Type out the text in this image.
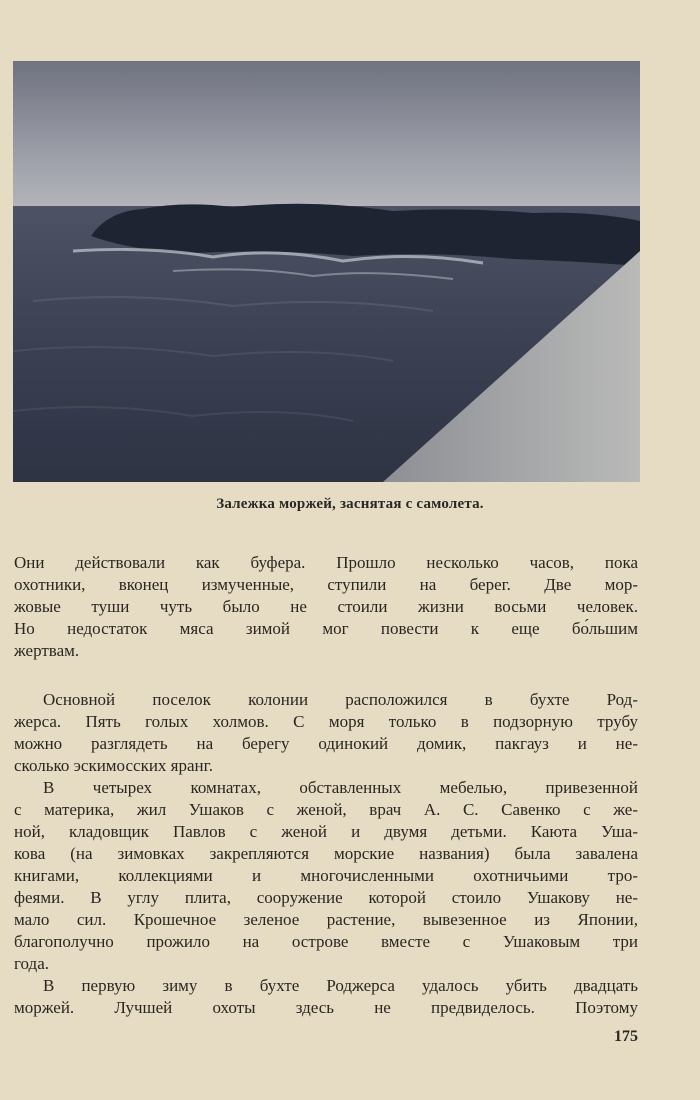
Залежка моржей, заснятая с самолета.

Они действовали как буфера. Прошло несколько часов, пока

охотники, вконец измученные, ступили на берег. Две мор-

жовые туши чуть было не стоили жизни восьми человек.

Но недостаток мяса зимой мог повести к еще бо́льшим

жертвам.

Основной поселок колонии расположился в бухте Род-

жерса. Пять голых холмов. С моря только в подзорную трубу

можно разглядеть на берегу одинокий домик, пакгауз и не-

сколько эскимосских яранг.

В четырех комнатах, обставленных мебелью, привезенной

с материка, жил Ушаков с женой, врач А. С. Савенко с же-

ной, кладовщик Павлов с женой и двумя детьми. Каюта Уша-

кова (на зимовках закрепляются морские названия) была завалена

книгами, коллекциями и многочисленными охотничьими тро-

феями. В углу плита, сооружение которой стоило Ушакову не-

мало сил. Крошечное зеленое растение, вывезенное из Японии,

благополучно прожило на острове вместе с Ушаковым три

года.

В первую зиму в бухте Роджерса удалось убить двадцать

моржей. Лучшей охоты здесь не предвиделось. Поэтому

175
